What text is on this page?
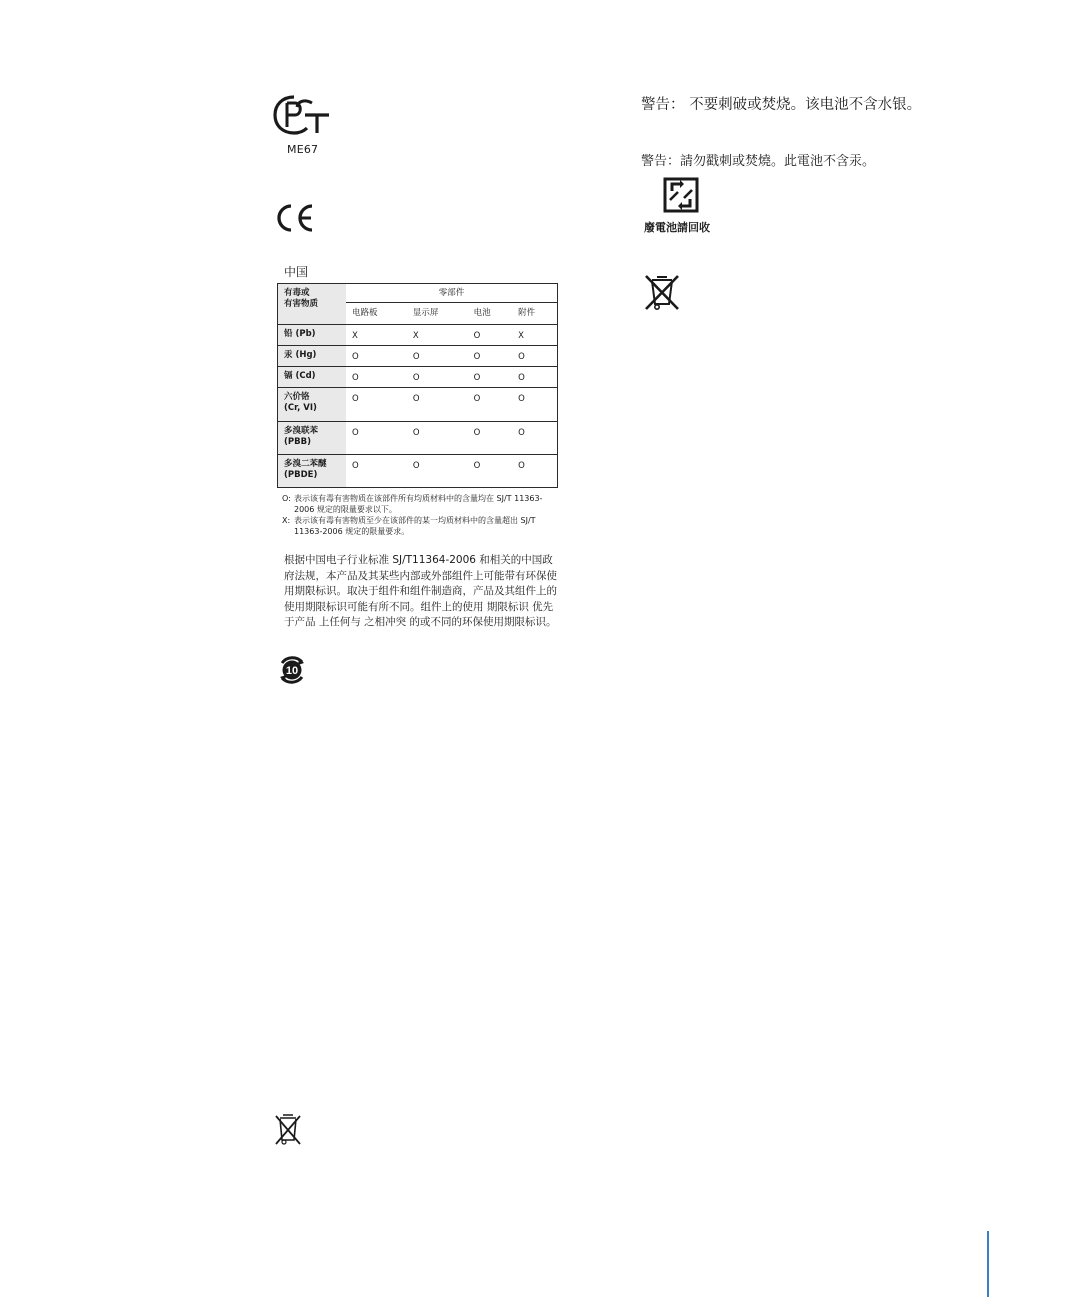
ME67
中国
有毒或
有害物质	零部件			
	电路板	显示屏	电池	附件
铅 (Pb)	X	X	O	X
汞 (Hg)	O	O	O	O
镉 (Cd)	O	O	O	O
六价铬
(Cr, VI)	O	O	O	O
多溴联苯
(PBB)	O	O	O	O
多溴二苯醚
(PBDE)	O	O	O	O
O: 表示该有毒有害物质在该部件所有均质材料中的含量均在 SJ/T 11363-2006 规定的限量要求以下。
X: 表示该有毒有害物质至少在该部件的某一均质材料中的含量超出 SJ/T 11363-2006 规定的限量要求。
根据中国电子行业标准 SJ/T11364-2006 和相关的中国政府法规，本产品及其某些内部或外部组件上可能带有环保使用期限标识。取决于组件和组件制造商，产品及其组件上的使用期限标识可能有所不同。组件上的使用 期限标识 优先于产品 上任何与 之相冲突 的或不同的环保使用期限标识。
10
警告： 不要刺破或焚烧。该电池不含水银。
警告：請勿戳刺或焚燒。此電池不含汞。
廢電池請回收
